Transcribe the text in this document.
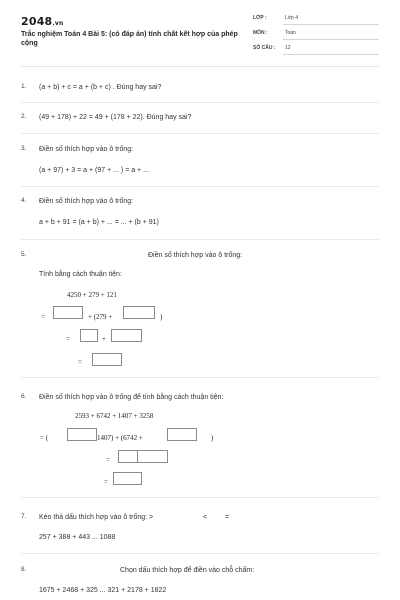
2048.vn
Trắc nghiệm Toán 4 Bài 5: (có đáp án) tính chất kết hợp của phép cộng
LỚP :	Lớp 4
MÔN :	Toán
SỐ CÂU : 12
1. (a + b) + c = a + (b + c) . Đúng hay sai?
2. (49 + 178) + 22 = 49 + (178 + 22). Đúng hay sai?
3. Điền số thích hợp vào ô trống:
(a + 97) + 3 = a + (97 + ... ) = a + ...
4. Điền số thích hợp vào ô trống:
a + b + 91 = (a + b) + ... = ... + (b + 91)
5.	Điền số thích hợp vào ô trống:
Tính bằng cách thuận tiện:
4250 + 279 + 121
=	+ (279 +	)
=	+
=
6. Điền số thích hợp vào ô trống để tính bằng cách thuận tiện:
2593 + 6742 + 1407 + 3258
= (	1407) + (6742 +	)
=
=
7. Kéo thả dấu thích hợp vào ô trống: >	<	=
257 + 388 + 443 ... 1088
8.	Chọn dấu thích hợp để điền vào chỗ chấm:
1675 + 2468 + 325 ... 321 + 2178 + 1822
